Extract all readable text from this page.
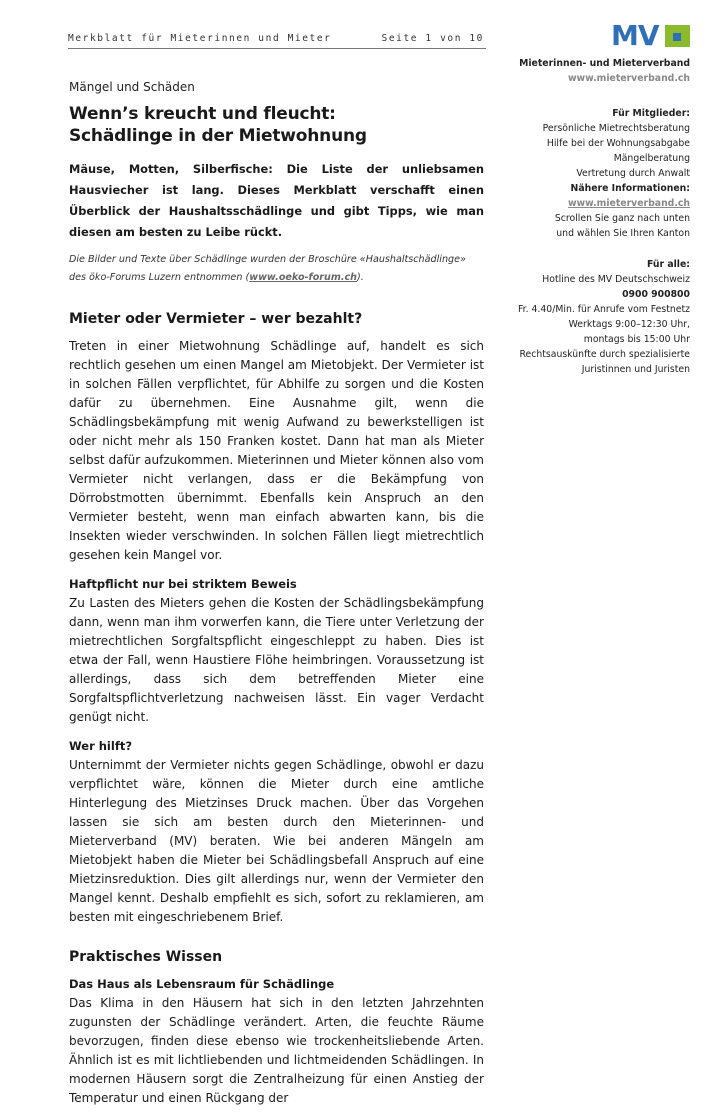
Merkblatt für Mieterinnen und Mieter	Seite 1 von 10	MV
Mieterinnen- und Mieterverband
www.mieterverband.ch
Für Mitglieder:
Persönliche Mietrechtsberatung
Hilfe bei der Wohnungsabgabe
Mängelberatung
Vertretung durch Anwalt
Nähere Informationen:
www.mieterverband.ch
Scrollen Sie ganz nach unten
und wählen Sie Ihren Kanton
Für alle:
Hotline des MV Deutschschweiz
0900 900800
Fr. 4.40/Min. für Anrufe vom Festnetz
Werktags 9:00–12:30 Uhr,
montags bis 15:00 Uhr
Rechtsauskünfte durch spezialisierte
Juristinnen und Juristen
Mängel und Schäden
Wenn’s kreucht und fleucht:
Schädlinge in der Mietwohnung

Mäuse, Motten, Silberfische: Die Liste der unliebsamen Hausviecher ist lang. Dieses Merkblatt verschafft einen Überblick der Haushaltsschädlinge und gibt Tipps, wie man diesen am besten zu Leibe rückt.

Die Bilder und Texte über Schädlinge wurden der Broschüre «Haushaltschädlinge» des öko-Forums Luzern entnommen (www.oeko-forum.ch).

Mieter oder Vermieter – wer bezahlt?

Treten in einer Mietwohnung Schädlinge auf, handelt es sich rechtlich gesehen um einen Mangel am Mietobjekt. Der Vermieter ist in solchen Fällen verpflichtet, für Abhilfe zu sorgen und die Kosten dafür zu übernehmen. Eine Ausnahme gilt, wenn die Schädlingsbekämpfung mit wenig Aufwand zu bewerkstelligen ist oder nicht mehr als 150 Franken kostet. Dann hat man als Mieter selbst dafür aufzukommen. Mieterinnen und Mieter können also vom Vermieter nicht verlangen, dass er die Bekämpfung von Dörrobstmotten übernimmt. Ebenfalls kein Anspruch an den Vermieter besteht, wenn man einfach abwarten kann, bis die Insekten wieder verschwinden. In solchen Fällen liegt mietrechtlich gesehen kein Mangel vor.

Haftpflicht nur bei striktem Beweis

Zu Lasten des Mieters gehen die Kosten der Schädlingsbekämpfung dann, wenn man ihm vorwerfen kann, die Tiere unter Verletzung der mietrechtlichen Sorgfaltspflicht eingeschleppt zu haben. Dies ist etwa der Fall, wenn Haustiere Flöhe heimbringen. Voraussetzung ist allerdings, dass sich dem betreffenden Mieter eine Sorgfaltspflichtverletzung nachweisen lässt. Ein vager Verdacht genügt nicht.

Wer hilft?

Unternimmt der Vermieter nichts gegen Schädlinge, obwohl er dazu verpflichtet wäre, können die Mieter durch eine amtliche Hinterlegung des Mietzinses Druck machen. Über das Vorgehen lassen sie sich am besten durch den Mieterinnen- und Mieterverband (MV) beraten. Wie bei anderen Mängeln am Mietobjekt haben die Mieter bei Schädlingsbefall Anspruch auf eine Mietzinsreduktion. Dies gilt allerdings nur, wenn der Vermieter den Mangel kennt. Deshalb empfiehlt es sich, sofort zu reklamieren, am besten mit eingeschriebenem Brief.

Praktisches Wissen
Das Haus als Lebensraum für Schädlinge

Das Klima in den Häusern hat sich in den letzten Jahrzehnten zugunsten der Schädlinge verändert. Arten, die feuchte Räume bevorzugen, finden diese ebenso wie trockenheitsliebende Arten. Ähnlich ist es mit lichtliebenden und lichtmeidenden Schädlingen. In modernen Häusern sorgt die Zentralheizung für einen Anstieg der Temperatur und einen Rückgang der
